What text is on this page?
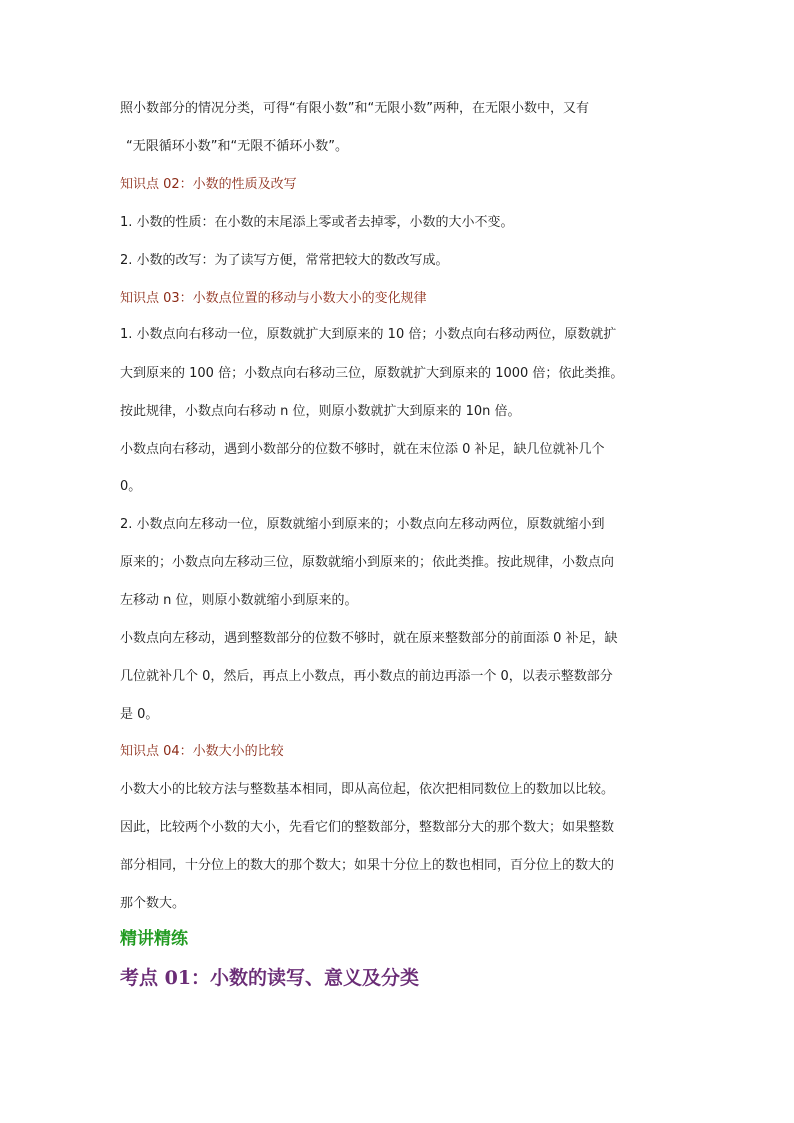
照小数部分的情况分类，可得“有限小数”和“无限小数”两种，在无限小数中，又有
“无限循环小数”和“无限不循环小数”。
知识点 02：小数的性质及改写
1. 小数的性质：在小数的末尾添上零或者去掉零，小数的大小不变。
2. 小数的改写：为了读写方便，常常把较大的数改写成。
知识点 03：小数点位置的移动与小数大小的变化规律
1. 小数点向右移动一位，原数就扩大到原来的 10 倍；小数点向右移动两位，原数就扩
大到原来的 100 倍；小数点向右移动三位，原数就扩大到原来的 1000 倍；依此类推。
按此规律，小数点向右移动 n 位，则原小数就扩大到原来的 10n 倍。
小数点向右移动，遇到小数部分的位数不够时，就在末位添 0 补足，缺几位就补几个
0。
2. 小数点向左移动一位，原数就缩小到原来的；小数点向左移动两位，原数就缩小到
原来的；小数点向左移动三位，原数就缩小到原来的；依此类推。按此规律，小数点向
左移动 n 位，则原小数就缩小到原来的。
小数点向左移动，遇到整数部分的位数不够时，就在原来整数部分的前面添 0 补足，缺
几位就补几个 0，然后，再点上小数点，再小数点的前边再添一个 0，以表示整数部分
是 0。
知识点 04：小数大小的比较
小数大小的比较方法与整数基本相同，即从高位起，依次把相同数位上的数加以比较。
因此，比较两个小数的大小，先看它们的整数部分，整数部分大的那个数大；如果整数
部分相同，十分位上的数大的那个数大；如果十分位上的数也相同，百分位上的数大的
那个数大。
精讲精练
考点 01：小数的读写、意义及分类
